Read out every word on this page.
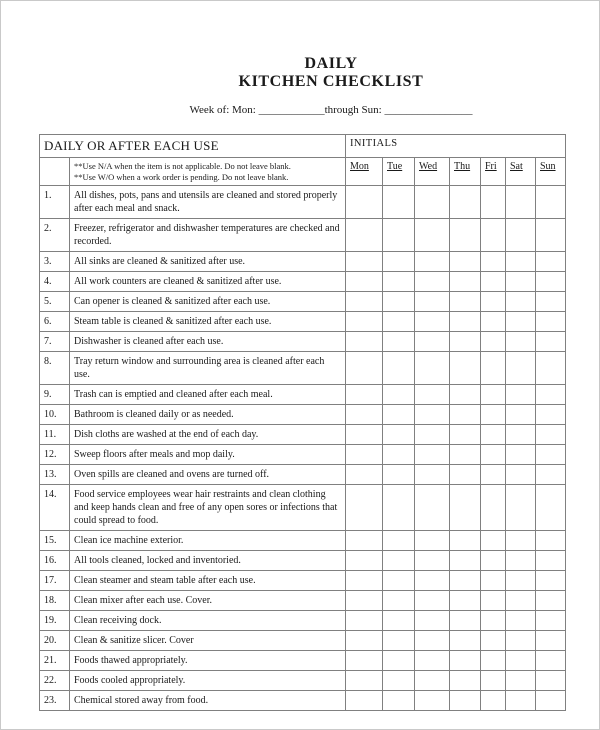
DAILY
KITCHEN CHECKLIST
Week of: Mon: ____________through Sun: ________________
DAILY OR AFTER EACH USE		INITIALS						

	**Use N/A when the item is not applicable. Do not leave blank.
**Use W/O when a work order is pending. Do not leave blank.	Mon	Tue	Wed	Thu	Fri	Sat	Sun
1.	All dishes, pots, pans and utensils are cleaned and stored properly after each meal and snack.							
2.	Freezer, refrigerator and dishwasher temperatures are checked and recorded.							
3.	All sinks are cleaned & sanitized after use.							
4.	All work counters are cleaned & sanitized after use.							
5.	Can opener is cleaned & sanitized after each use.							
6.	Steam table is cleaned & sanitized after each use.							
7.	Dishwasher is cleaned after each use.							
8.	Tray return window and surrounding area is cleaned after each use.							
9.	Trash can is emptied and cleaned after each meal.							
10.	Bathroom is cleaned daily or as needed.							
11.	Dish cloths are washed at the end of each day.							
12.	Sweep floors after meals and mop daily.							
13.	Oven spills are cleaned and ovens are turned off.							
14.	Food service employees wear hair restraints and clean clothing and keep hands clean and free of any open sores or infections that could spread to food.							
15.	Clean ice machine exterior.							
16.	All tools cleaned, locked and inventoried.							
17.	Clean steamer and steam table after each use.							
18.	Clean mixer after each use. Cover.							
19.	Clean receiving dock.							
20.	Clean & sanitize slicer. Cover							
21.	Foods thawed appropriately.							
22.	Foods cooled appropriately.							
23.	Chemical stored away from food.							
